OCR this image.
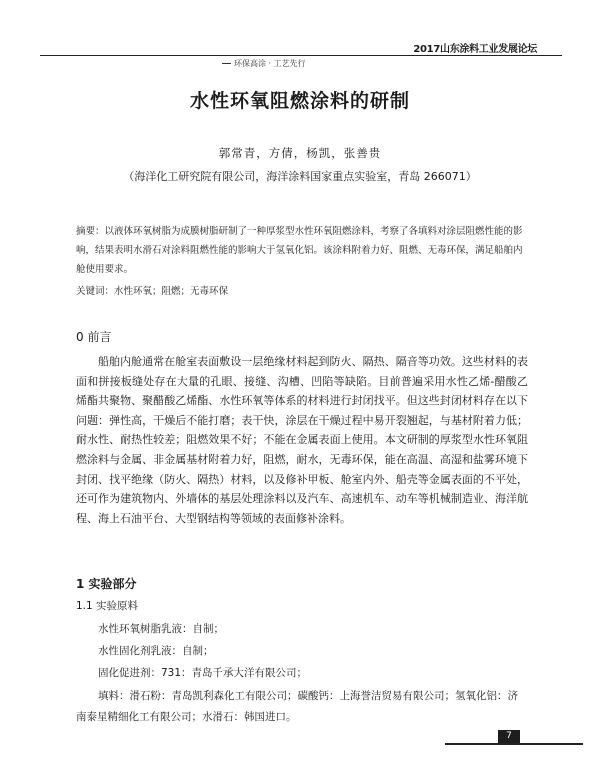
2017山东涂料工业发展论坛
环保高涂 · 工艺先行
水性环氧阻燃涂料的研制
郭常青，方倩，杨凯，张善贵
（海洋化工研究院有限公司，海洋涂料国家重点实验室，青岛 266071）
摘要：以液体环氧树脂为成膜树脂研制了一种厚浆型水性环氧阻燃涂料，考察了各填料对涂层阻燃性能的影响，结果表明水滑石对涂料阻燃性能的影响大于氢氧化铝。该涂料附着力好、阻燃、无毒环保，满足船舶内舱使用要求。
关键词：水性环氧；阻燃；无毒环保
0 前言
船舶内舱通常在舱室表面敷设一层绝缘材料起到防火、隔热、隔音等功效。这些材料的表面和拼接板缝处存在大量的孔眼、接缝、沟槽、凹陷等缺陷。目前普遍采用水性乙烯-醋酸乙烯酯共聚物、聚醋酸乙烯酯、水性环氧等体系的材料进行封闭找平。但这些封闭材料存在以下问题：弹性高，干燥后不能打磨；表干快，涂层在干燥过程中易开裂翘起，与基材附着力低；耐水性、耐热性较差；阻燃效果不好；不能在金属表面上使用。本文研制的厚浆型水性环氧阻燃涂料与金属、非金属基材附着力好，阻燃，耐水，无毒环保，能在高温、高湿和盐雾环境下封闭、找平绝缘（防火、隔热）材料，以及修补甲板、舱室内外、船壳等金属表面的不平处，还可作为建筑物内、外墙体的基层处理涂料以及汽车、高速机车、动车等机械制造业、海洋航程、海上石油平台、大型钢结构等领域的表面修补涂料。
1 实验部分
1.1 实验原料
水性环氧树脂乳液：自制；
水性固化剂乳液：自制；
固化促进剂：731：青岛千承大洋有限公司；
填料：滑石粉：青岛凯利森化工有限公司；碳酸钙：上海誉洁贸易有限公司；氢氧化铝：济南泰星精细化工有限公司；水滑石：韩国进口。
7
